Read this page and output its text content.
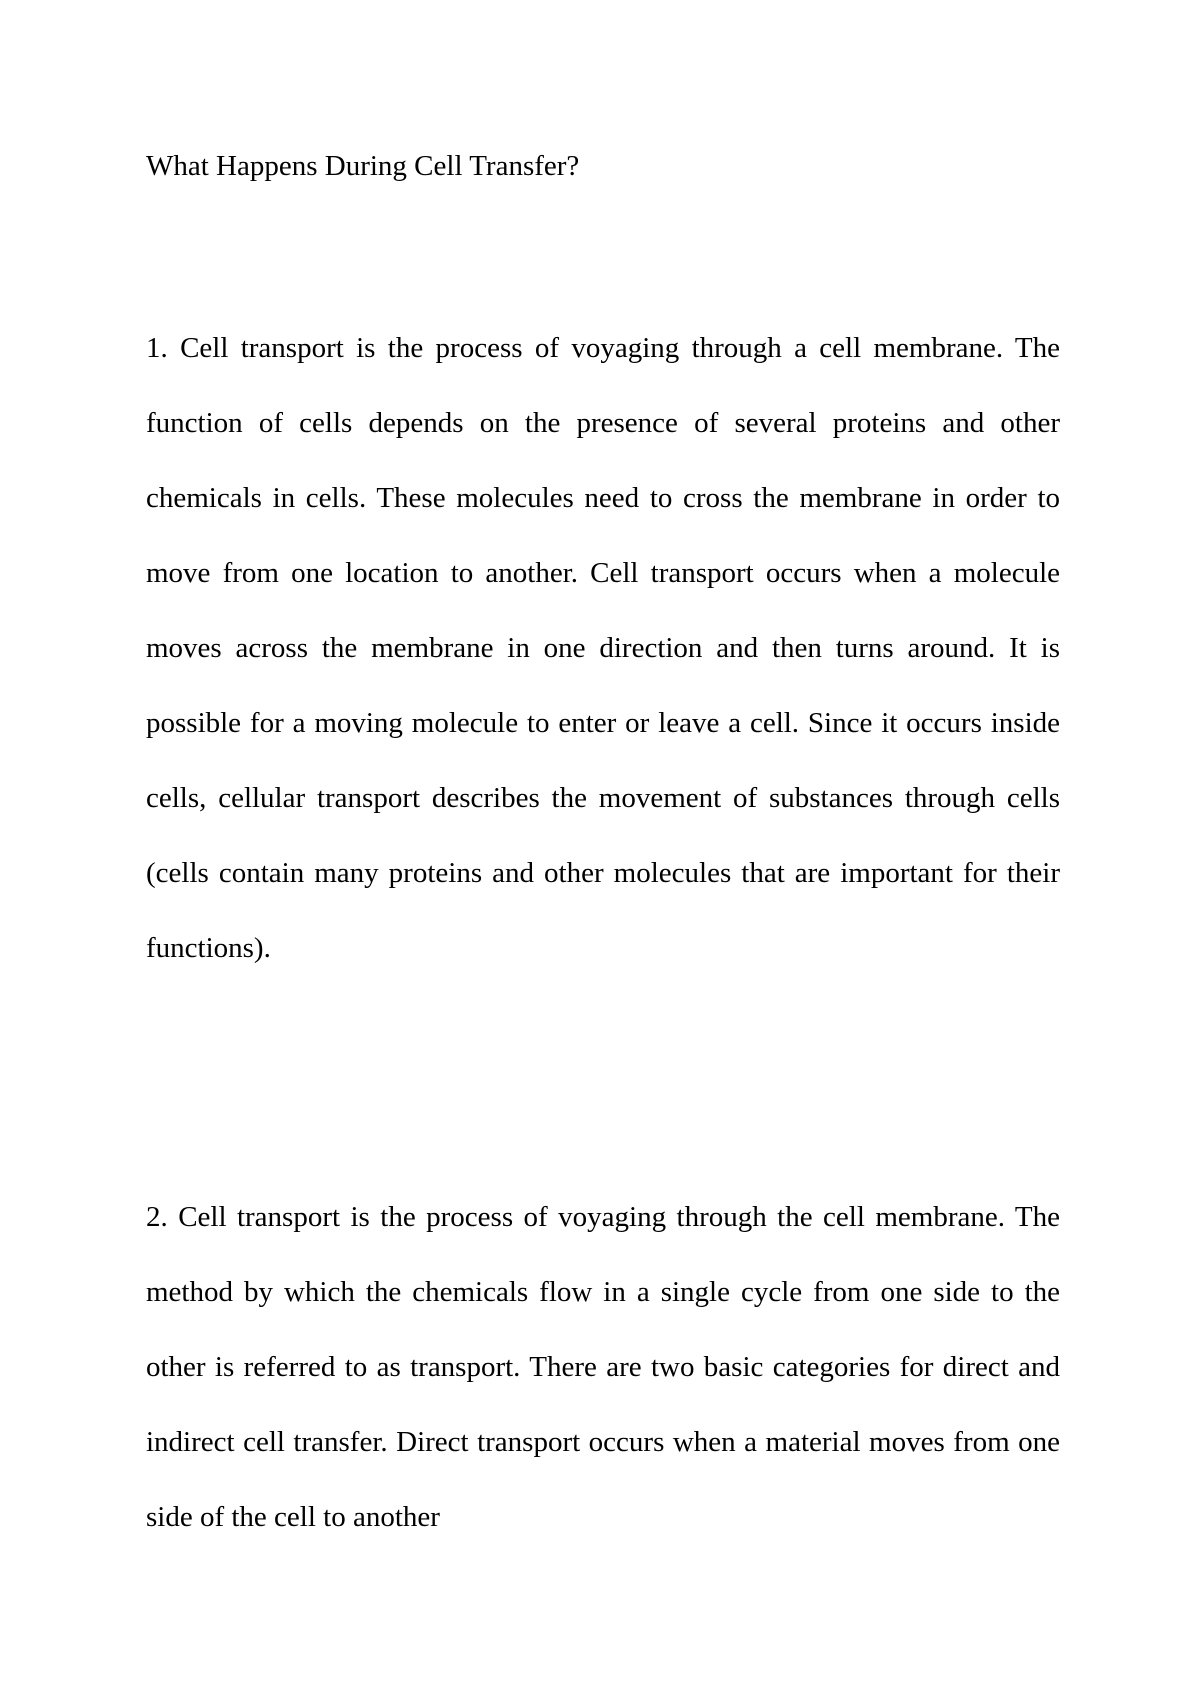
What Happens During Cell Transfer?

1. Cell transport is the process of voyaging through a cell membrane. The function of cells depends on the presence of several proteins and other chemicals in cells. These molecules need to cross the membrane in order to move from one location to another. Cell transport occurs when a molecule moves across the membrane in one direction and then turns around. It is possible for a moving molecule to enter or leave a cell. Since it occurs inside cells, cellular transport describes the movement of substances through cells (cells contain many proteins and other molecules that are important for their functions).

2. Cell transport is the process of voyaging through the cell membrane. The method by which the chemicals flow in a single cycle from one side to the other is referred to as transport. There are two basic categories for direct and indirect cell transfer. Direct transport occurs when a material moves from one side of the cell to another
